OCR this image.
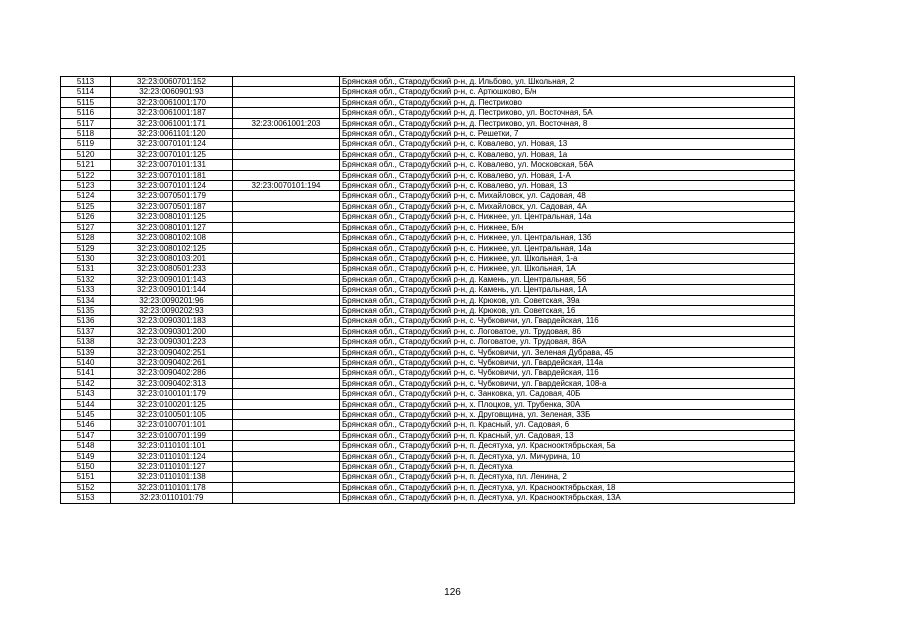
5113	32:23:0060701:152		Брянская обл., Стародубский р-н, д. Ильбово, ул. Школьная, 2
5114	32:23:0060901:93		Брянская обл., Стародубский р-н, с. Артюшково, Б/н
5115	32:23:0061001:170		Брянская обл., Стародубский р-н, д. Пестриково
5116	32:23:0061001:187		Брянская обл., Стародубский р-н, д. Пестриково, ул. Восточная, 5А
5117	32:23:0061001:171	32:23:0061001:203	Брянская обл., Стародубский р-н, д. Пестриково, ул. Восточная, 8
5118	32:23:0061101:120		Брянская обл., Стародубский р-н, с. Решетки, 7
5119	32:23:0070101:124		Брянская обл., Стародубский р-н, с. Ковалево, ул. Новая, 13
5120	32:23:0070101:125		Брянская обл., Стародубский р-н, с. Ковалево, ул. Новая, 1а
5121	32:23:0070101:131		Брянская обл., Стародубский р-н, с. Ковалево, ул. Московская, 56А
5122	32:23:0070101:181		Брянская обл., Стародубский р-н, с. Ковалево, ул. Новая, 1-А
5123	32:23:0070101:124	32:23:0070101:194	Брянская обл., Стародубский р-н, с. Ковалево, ул. Новая, 13
5124	32:23:0070501:179		Брянская обл., Стародубский р-н, с. Михайловск, ул. Садовая, 48
5125	32:23:0070501:187		Брянская обл., Стародубский р-н, с. Михайловск, ул. Садовая, 4А
5126	32:23:0080101:125		Брянская обл., Стародубский р-н, с. Нижнее, ул. Центральная, 14а
5127	32:23:0080101:127		Брянская обл., Стародубский р-н, с. Нижнее, Б/н
5128	32:23:0080102:108		Брянская обл., Стародубский р-н, с. Нижнее, ул. Центральная, 13б
5129	32:23:0080102:125		Брянская обл., Стародубский р-н, с. Нижнее, ул. Центральная, 14а
5130	32:23:0080103:201		Брянская обл., Стародубский р-н, с. Нижнее, ул. Школьная, 1-а
5131	32:23:0080501:233		Брянская обл., Стародубский р-н, с. Нижнее, ул. Школьная, 1А
5132	32:23:0090101:143		Брянская обл., Стародубский р-н, д. Камень, ул. Центральная, 56
5133	32:23:0090101:144		Брянская обл., Стародубский р-н, д. Камень, ул. Центральная, 1А
5134	32:23:0090201:96		Брянская обл., Стародубский р-н, д. Крюков, ул. Советская, 39а
5135	32:23:0090202:93		Брянская обл., Стародубский р-н, д. Крюков, ул. Советская, 16
5136	32:23:0090301:183		Брянская обл., Стародубский р-н, с. Чубковичи, ул. Гвардейская, 116
5137	32:23:0090301:200		Брянская обл., Стародубский р-н, с. Логоватое, ул. Трудовая, 86
5138	32:23:0090301:223		Брянская обл., Стародубский р-н, с. Логоватое, ул. Трудовая, 86А
5139	32:23:0090402:251		Брянская обл., Стародубский р-н, с. Чубковичи, ул. Зеленая Дубрава, 45
5140	32:23:0090402:261		Брянская обл., Стародубский р-н, с. Чубковичи, ул. Гвардейская, 114а
5141	32:23:0090402:286		Брянская обл., Стародубский р-н, с. Чубковичи, ул. Гвардейская, 116
5142	32:23:0090402:313		Брянская обл., Стародубский р-н, с. Чубковичи, ул. Гвардейская, 108-а
5143	32:23:0100101:179		Брянская обл., Стародубский р-н, с. Занковка, ул. Садовая, 40Б
5144	32:23:0100201:125		Брянская обл., Стародубский р-н, х. Плоцков, ул. Трубенка, 30А
5145	32:23:0100501:105		Брянская обл., Стародубский р-н, х. Друговщина, ул. Зеленая, 33Б
5146	32:23:0100701:101		Брянская обл., Стародубский р-н, п. Красный, ул. Садовая, 6
5147	32:23:0100701:199		Брянская обл., Стародубский р-н, п. Красный, ул. Садовая, 13
5148	32:23:0110101:101		Брянская обл., Стародубский р-н, п. Десятуха, ул. Краснооктябрьская, 5а
5149	32:23:0110101:124		Брянская обл., Стародубский р-н, п. Десятуха, ул. Мичурина, 10
5150	32:23:0110101:127		Брянская обл., Стародубский р-н, п. Десятуха
5151	32:23:0110101:138		Брянская обл., Стародубский р-н, п. Десятуха, пл. Ленина, 2
5152	32:23:0110101:178		Брянская обл., Стародубский р-н, п. Десятуха, ул. Краснооктябрьская, 18
5153	32:23:0110101:79		Брянская обл., Стародубский р-н, п. Десятуха, ул. Краснооктябрьская, 13А
126
